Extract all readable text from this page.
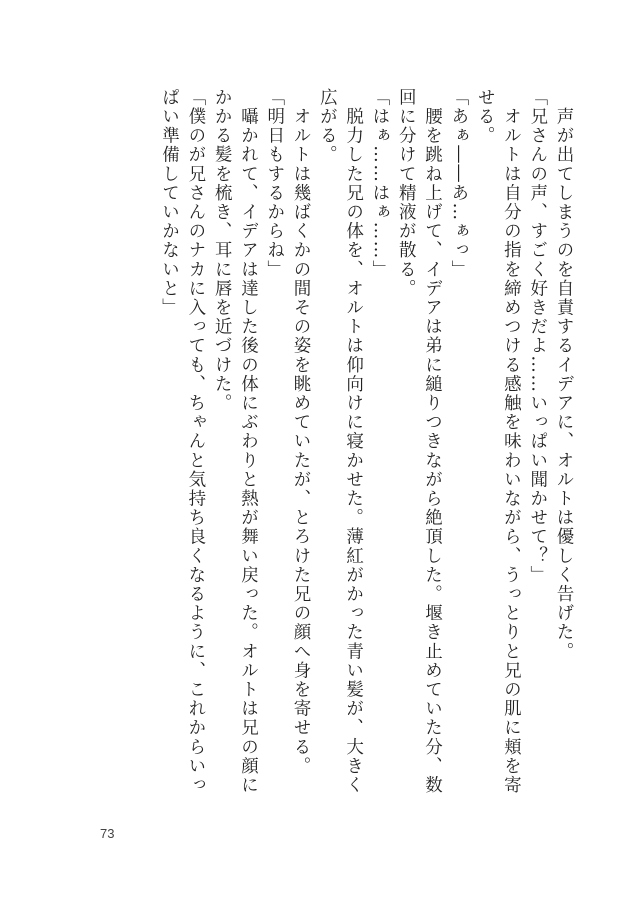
　声が出てしまうのを自責するイデアに、オルトは優しく告げた。

「兄さんの声、すごく好きだよ……いっぱい聞かせて？」

　オルトは自分の指を締めつける感触を味わいながら、うっとりと兄の肌に頬を寄せる。

「あぁ――あ…ぁっ」

　腰を跳ね上げて、イデアは弟に縋りつきながら絶頂した。堰き止めていた分、数回に分けて精液が散る。

「はぁ……はぁ……」

　脱力した兄の体を、オルトは仰向けに寝かせた。薄紅がかった青い髪が、大きく広がる。

　オルトは幾ばくかの間その姿を眺めていたが、とろけた兄の顔へ身を寄せる。

「明日もするからね」

　囁かれて、イデアは達した後の体にぶわりと熱が舞い戻った。オルトは兄の顔にかかる髪を梳き、耳に唇を近づけた。

「僕のが兄さんのナカに入っても、ちゃんと気持ち良くなるように、これからいっぱい準備していかないと」

73
